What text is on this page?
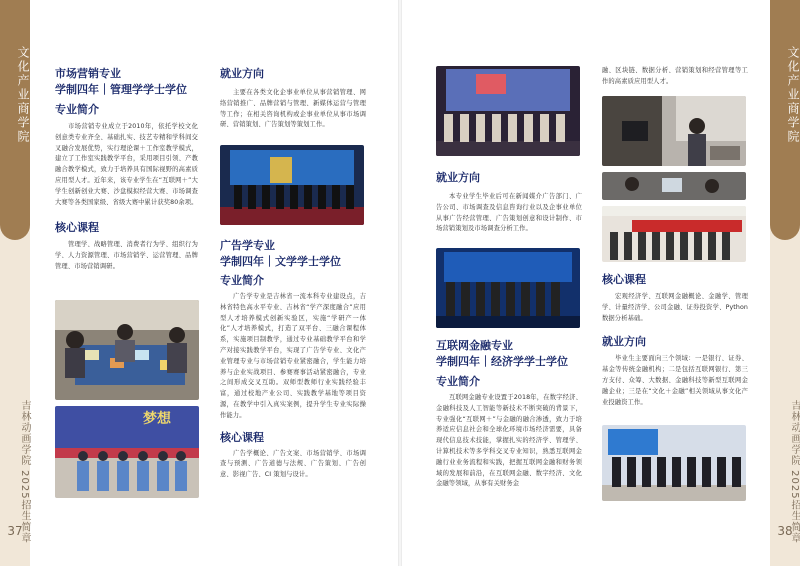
文化产业商学院
吉林动画学院 2025招生简章
37
市场营销专业
学制四年｜管理学学士学位
专业简介

市场营销专业成立于2010年，依托学校文化创意类专业齐全、基础扎实、技艺专精和学科间交叉融合发展优势，实行理论课＋工作室教学模式，建立了工作室实践教学平台，采用项目引领、产教融合教学模式，致力于培养具有国际视野的高素质应用型人才。近年来，该专业学生在“互联网＋”大学生创新创业大赛、沙盘模拟经营大赛、市场调查大赛等各类国家级、省级大赛中累计获奖80余项。

核心课程

管理学、战略管理、消费者行为学、组织行为学、人力资源管理、市场营销学、运营管理、品牌管理、市场营销调研。

梦想
就业方向

主要在各类文化企事业单位从事营销管理、网络营销推广、品牌营销与管理、新媒体运营与管理等工作；在相关咨询机构或企事业单位从事市场调研、营销策划、广告策划等策划工作。

广告学专业
学制四年｜文学学士学位
专业简介

广告学专业是吉林省一流本科专业建设点，吉林省特色高水平专业、吉林省“学产深度融合”应用型人才培养模式创新实验区，实施“学研产一体化”人才培养模式，打造了双平台、三融合课程体系，实施项目制教学，通过专业基础教学平台和学产对接实践教学平台，实现了广告学专业、文化产业管理专业与市场营销专业紧密融合，学生能力培养与企业实战项目、参赛赛事活动紧密融合，专业之间形成交叉互助。双师型教师行业实践经验丰富，通过校地产业公司、实践教学基地等项目资源，在教学中引入真实案例，提升学生专业实际操作能力。

核心课程

广告学概论、广告文案、市场营销学、市场调查与预测、广告道德与法规、广告策划、广告创意、影视广告、CI 策划与设计。

就业方向

本专业学生毕业后可在新闻媒介广告部门、广告公司、市场调查及信息咨询行业以及企事业单位从事广告经营管理、广告策划创意和设计制作、市场营销策划及市场调查分析工作。

互联网金融专业
学制四年｜经济学学士学位
专业简介

互联网金融专业设置于2018年，在数字经济、金融科技及人工智能等新技术不断突破的背景下，专业强化“互联网＋”与金融的融合渗透，致力于培养适应信息社会和全球化环境市场经济需要，具备现代信息技术技能，掌握扎实的经济学、管理学、计算机技术等多学科交叉专业知识，熟悉互联网金融行业业务流程和实践，把握互联网金融和财务领域的发展和前沿，在互联网金融、数字经济、文化金融等领域，从事有关财务金

融、区块链、数据分析、营销策划和经营管理等工作的高素质应用型人才。

核心课程

宏观经济学、互联网金融概论、金融学、管理学、计量经济学、公司金融、证券投资学、Python数据分析基础。

就业方向

毕业生主要面向三个领域：一是银行、证券、基金等传统金融机构；二是包括互联网银行、第三方支付、众筹、大数据、金融科技等新型互联网金融企业；三是在“文化＋金融”相关领域从事文化产业投融资工作。

文化产业商学院
吉林动画学院 2025招生简章
38
